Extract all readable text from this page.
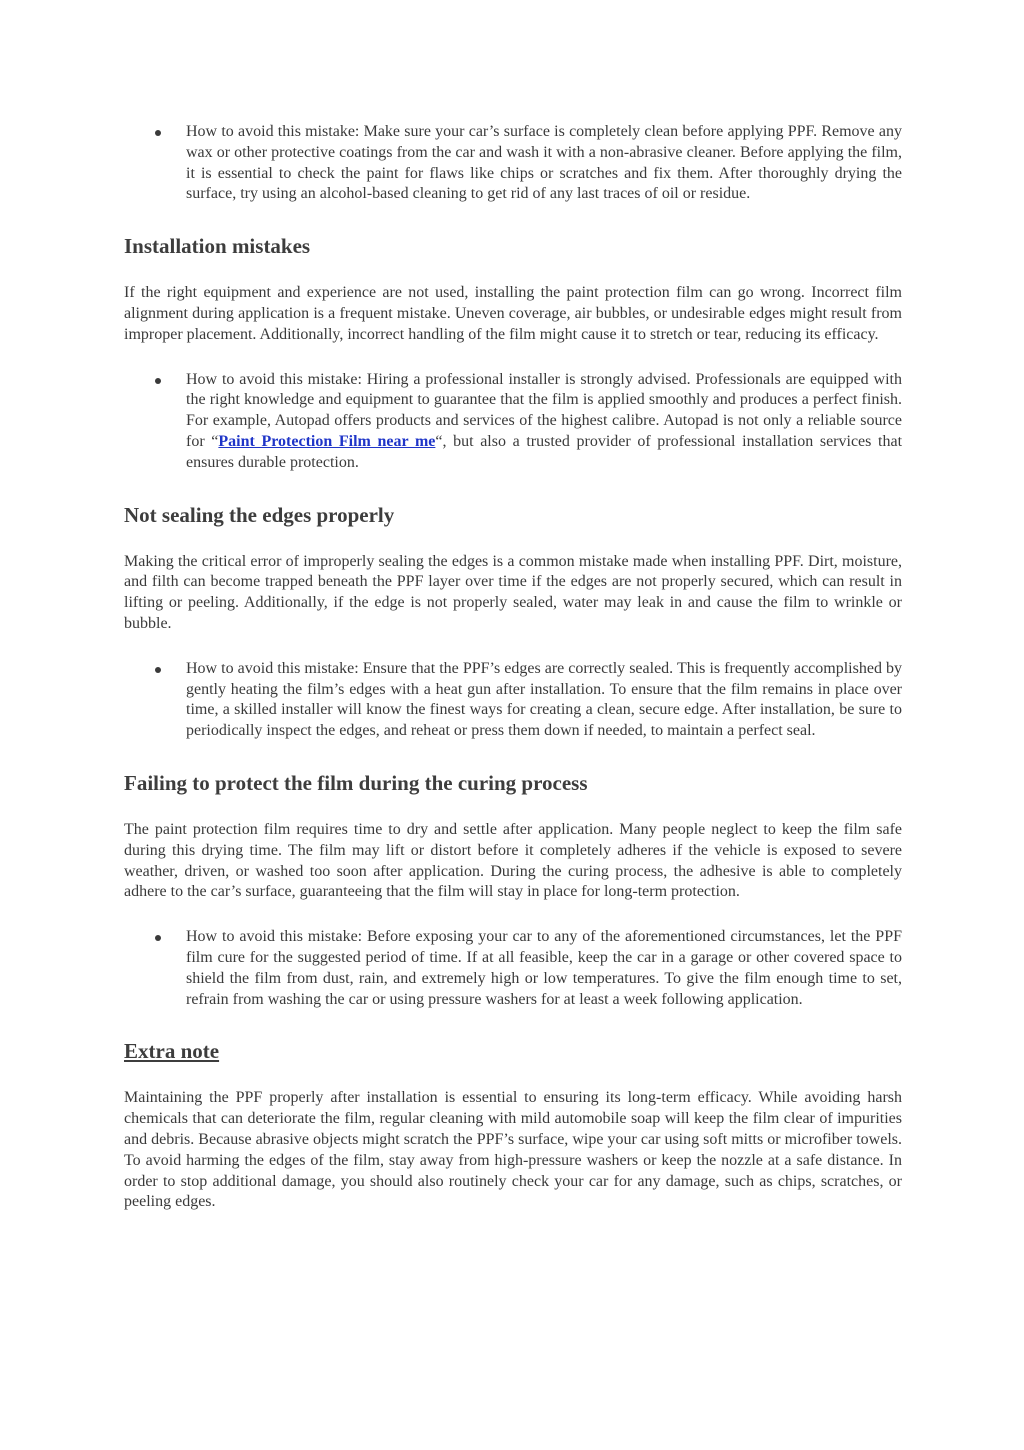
How to avoid this mistake: Make sure your car’s surface is completely clean before applying PPF. Remove any wax or other protective coatings from the car and wash it with a non-abrasive cleaner. Before applying the film, it is essential to check the paint for flaws like chips or scratches and fix them. After thoroughly drying the surface, try using an alcohol-based cleaning to get rid of any last traces of oil or residue.
Installation mistakes

If the right equipment and experience are not used, installing the paint protection film can go wrong. Incorrect film alignment during application is a frequent mistake. Uneven coverage, air bubbles, or undesirable edges might result from improper placement. Additionally, incorrect handling of the film might cause it to stretch or tear, reducing its efficacy.

How to avoid this mistake: Hiring a professional installer is strongly advised. Professionals are equipped with the right knowledge and equipment to guarantee that the film is applied smoothly and produces a perfect finish. For example, Autopad offers products and services of the highest calibre. Autopad is not only a reliable source for “Paint Protection Film near me“, but also a trusted provider of professional installation services that ensures durable protection.
Not sealing the edges properly

Making the critical error of improperly sealing the edges is a common mistake made when installing PPF. Dirt, moisture, and filth can become trapped beneath the PPF layer over time if the edges are not properly secured, which can result in lifting or peeling. Additionally, if the edge is not properly sealed, water may leak in and cause the film to wrinkle or bubble.

How to avoid this mistake: Ensure that the PPF’s edges are correctly sealed. This is frequently accomplished by gently heating the film’s edges with a heat gun after installation. To ensure that the film remains in place over time, a skilled installer will know the finest ways for creating a clean, secure edge. After installation, be sure to periodically inspect the edges, and reheat or press them down if needed, to maintain a perfect seal.
Failing to protect the film during the curing process

The paint protection film requires time to dry and settle after application. Many people neglect to keep the film safe during this drying time. The film may lift or distort before it completely adheres if the vehicle is exposed to severe weather, driven, or washed too soon after application. During the curing process, the adhesive is able to completely adhere to the car’s surface, guaranteeing that the film will stay in place for long-term protection.

How to avoid this mistake: Before exposing your car to any of the aforementioned circumstances, let the PPF film cure for the suggested period of time. If at all feasible, keep the car in a garage or other covered space to shield the film from dust, rain, and extremely high or low temperatures. To give the film enough time to set, refrain from washing the car or using pressure washers for at least a week following application.
Extra note

Maintaining the PPF properly after installation is essential to ensuring its long-term efficacy. While avoiding harsh chemicals that can deteriorate the film, regular cleaning with mild automobile soap will keep the film clear of impurities and debris. Because abrasive objects might scratch the PPF’s surface, wipe your car using soft mitts or microfiber towels. To avoid harming the edges of the film, stay away from high-pressure washers or keep the nozzle at a safe distance. In order to stop additional damage, you should also routinely check your car for any damage, such as chips, scratches, or peeling edges.
